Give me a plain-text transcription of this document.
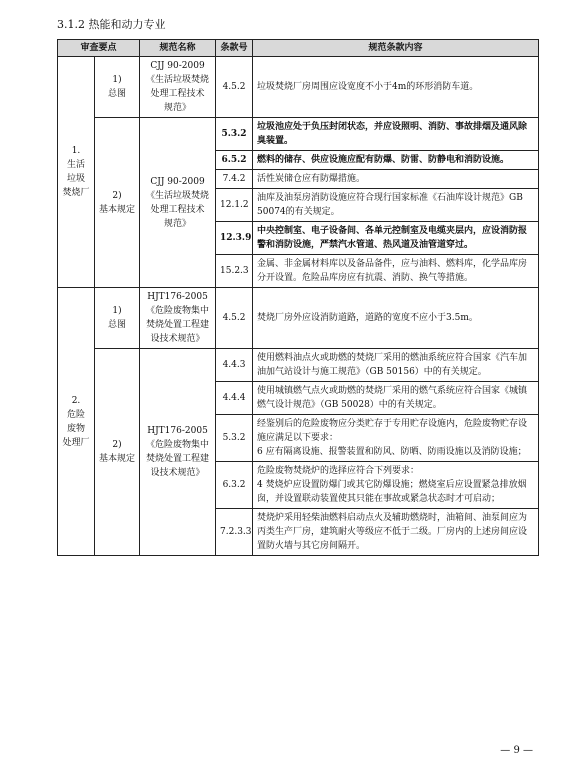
3.1.2 热能和动力专业
审查要点		规范名称	条款号	规范条款内容
1.
生活
垃圾
焚烧厂	1)
总图	CJJ 90-2009
《生活垃圾焚烧
处理工程技术
规范》	4.5.2	垃圾焚烧厂房周围应设宽度不小于4m的环形消防车道。
	2)
基本规定	CJJ 90-2009
《生活垃圾焚烧
处理工程技术
规范》	5.3.2	垃圾池应处于负压封闭状态，并应设照明、消防、事故排烟及通风除臭装置。
			6.5.2	燃料的储存、供应设施应配有防爆、防雷、防静电和消防设施。
			7.4.2	活性炭储仓应有防爆措施。
			12.1.2	油库及油泵房消防设施应符合现行国家标准《石油库设计规范》GB 50074的有关规定。
			12.3.9	中央控制室、电子设备间、各单元控制室及电缆夹层内，应设消防报警和消防设施，严禁汽水管道、热风道及油管道穿过。
			15.2.3	金属、非金属材料库以及备品备件，应与油料、燃料库，化学品库房分开设置。危险品库房应有抗震、消防、换气等措施。
2.
危险
废物
处理厂	1)
总图	HJT176-2005
《危险废物集中
焚烧处置工程建
设技术规范》	4.5.2	焚烧厂房外应设消防道路，道路的宽度不应小于3.5m。
	2)
基本规定	HJT176-2005
《危险废物集中
焚烧处置工程建
设技术规范》	4.4.3	使用燃料油点火或助燃的焚烧厂采用的燃油系统应符合国家《汽车加油加气站设计与施工规范》（GB 50156）中的有关规定。
			4.4.4	使用城镇燃气点火或助燃的焚烧厂采用的燃气系统应符合国家《城镇燃气设计规范》（GB 50028）中的有关规定。
			5.3.2	经鉴别后的危险废物应分类贮存于专用贮存设施内，危险废物贮存设施应满足以下要求：
6 应有隔离设施、报警装置和防风、防晒、防雨设施以及消防设施；
			6.3.2	危险废物焚烧炉的选择应符合下列要求：
4 焚烧炉应设置防爆门或其它防爆设施；燃烧室后应设置紧急排放烟囱，并设置联动装置使其只能在事故或紧急状态时才可启动；
			7.2.3.3	焚烧炉采用轻柴油燃料启动点火及辅助燃烧时，油箱间、油泵间应为丙类生产厂房，建筑耐火等级应不低于二级。厂房内的上述房间应设置防火墙与其它房间隔开。
— 9 —
